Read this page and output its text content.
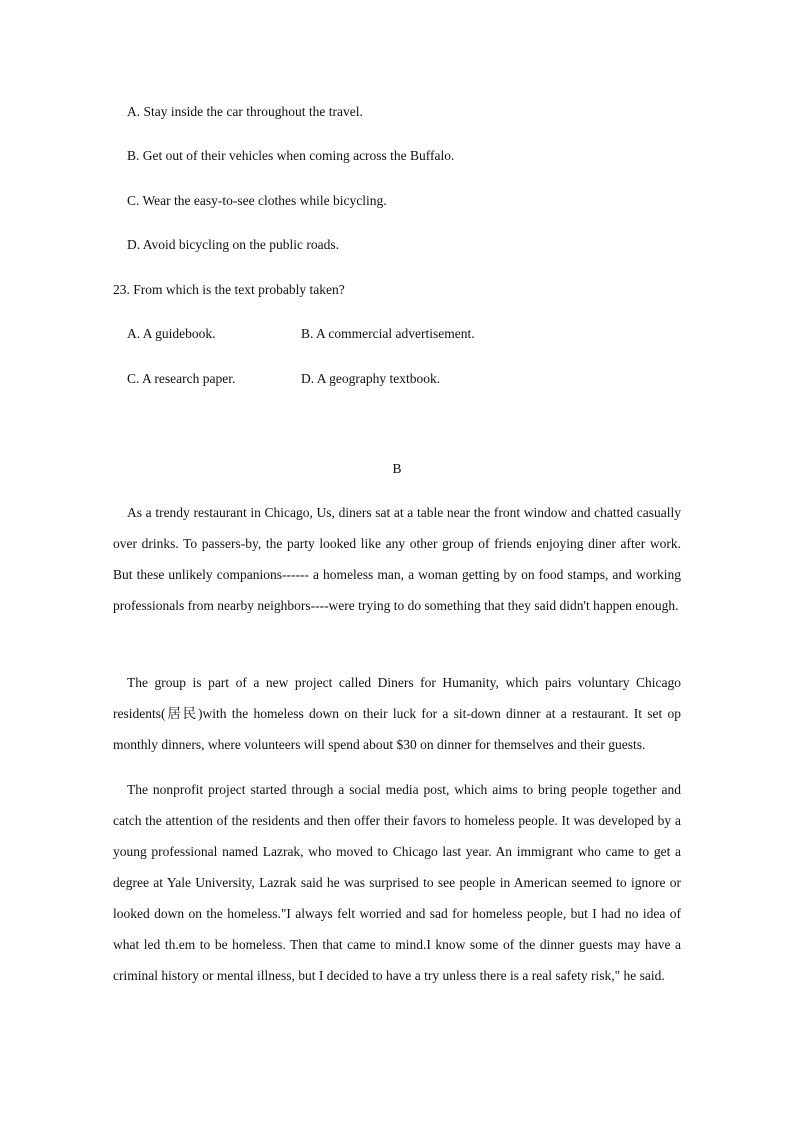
A. Stay inside the car throughout the travel.
B. Get out of their vehicles when coming across the Buffalo.
C. Wear the easy-to-see clothes while bicycling.
D. Avoid bicycling on the public roads.
23. From which is the text probably taken?
A. A guidebook.	B. A commercial advertisement.
C. A research paper.	D. A geography textbook.
B

As a trendy restaurant in Chicago, Us, diners sat at a table near the front window and chatted casually over drinks. To passers-by, the party looked like any other group of friends enjoying diner after work. But these unlikely companions------ a homeless man, a woman getting by on food stamps, and working professionals from nearby neighbors----were trying to do something that they said didn't happen enough.

The group is part of a new project called Diners for Humanity, which pairs voluntary Chicago residents(居民)with the homeless down on their luck for a sit-down dinner at a restaurant. It set op monthly dinners, where volunteers will spend about $30 on dinner for themselves and their guests.

The nonprofit project started through a social media post, which aims to bring people together and catch the attention of the residents and then offer their favors to homeless people. It was developed by a young professional named Lazrak, who moved to Chicago last year. An immigrant who came to get a degree at Yale University, Lazrak said he was surprised to see people in American seemed to ignore or looked down on the homeless."I always felt worried and sad for homeless people, but I had no idea of what led th.em to be homeless. Then that came to mind.I know some of the dinner guests may have a criminal history or mental illness, but I decided to have a try unless there is a real safety risk," he said.
